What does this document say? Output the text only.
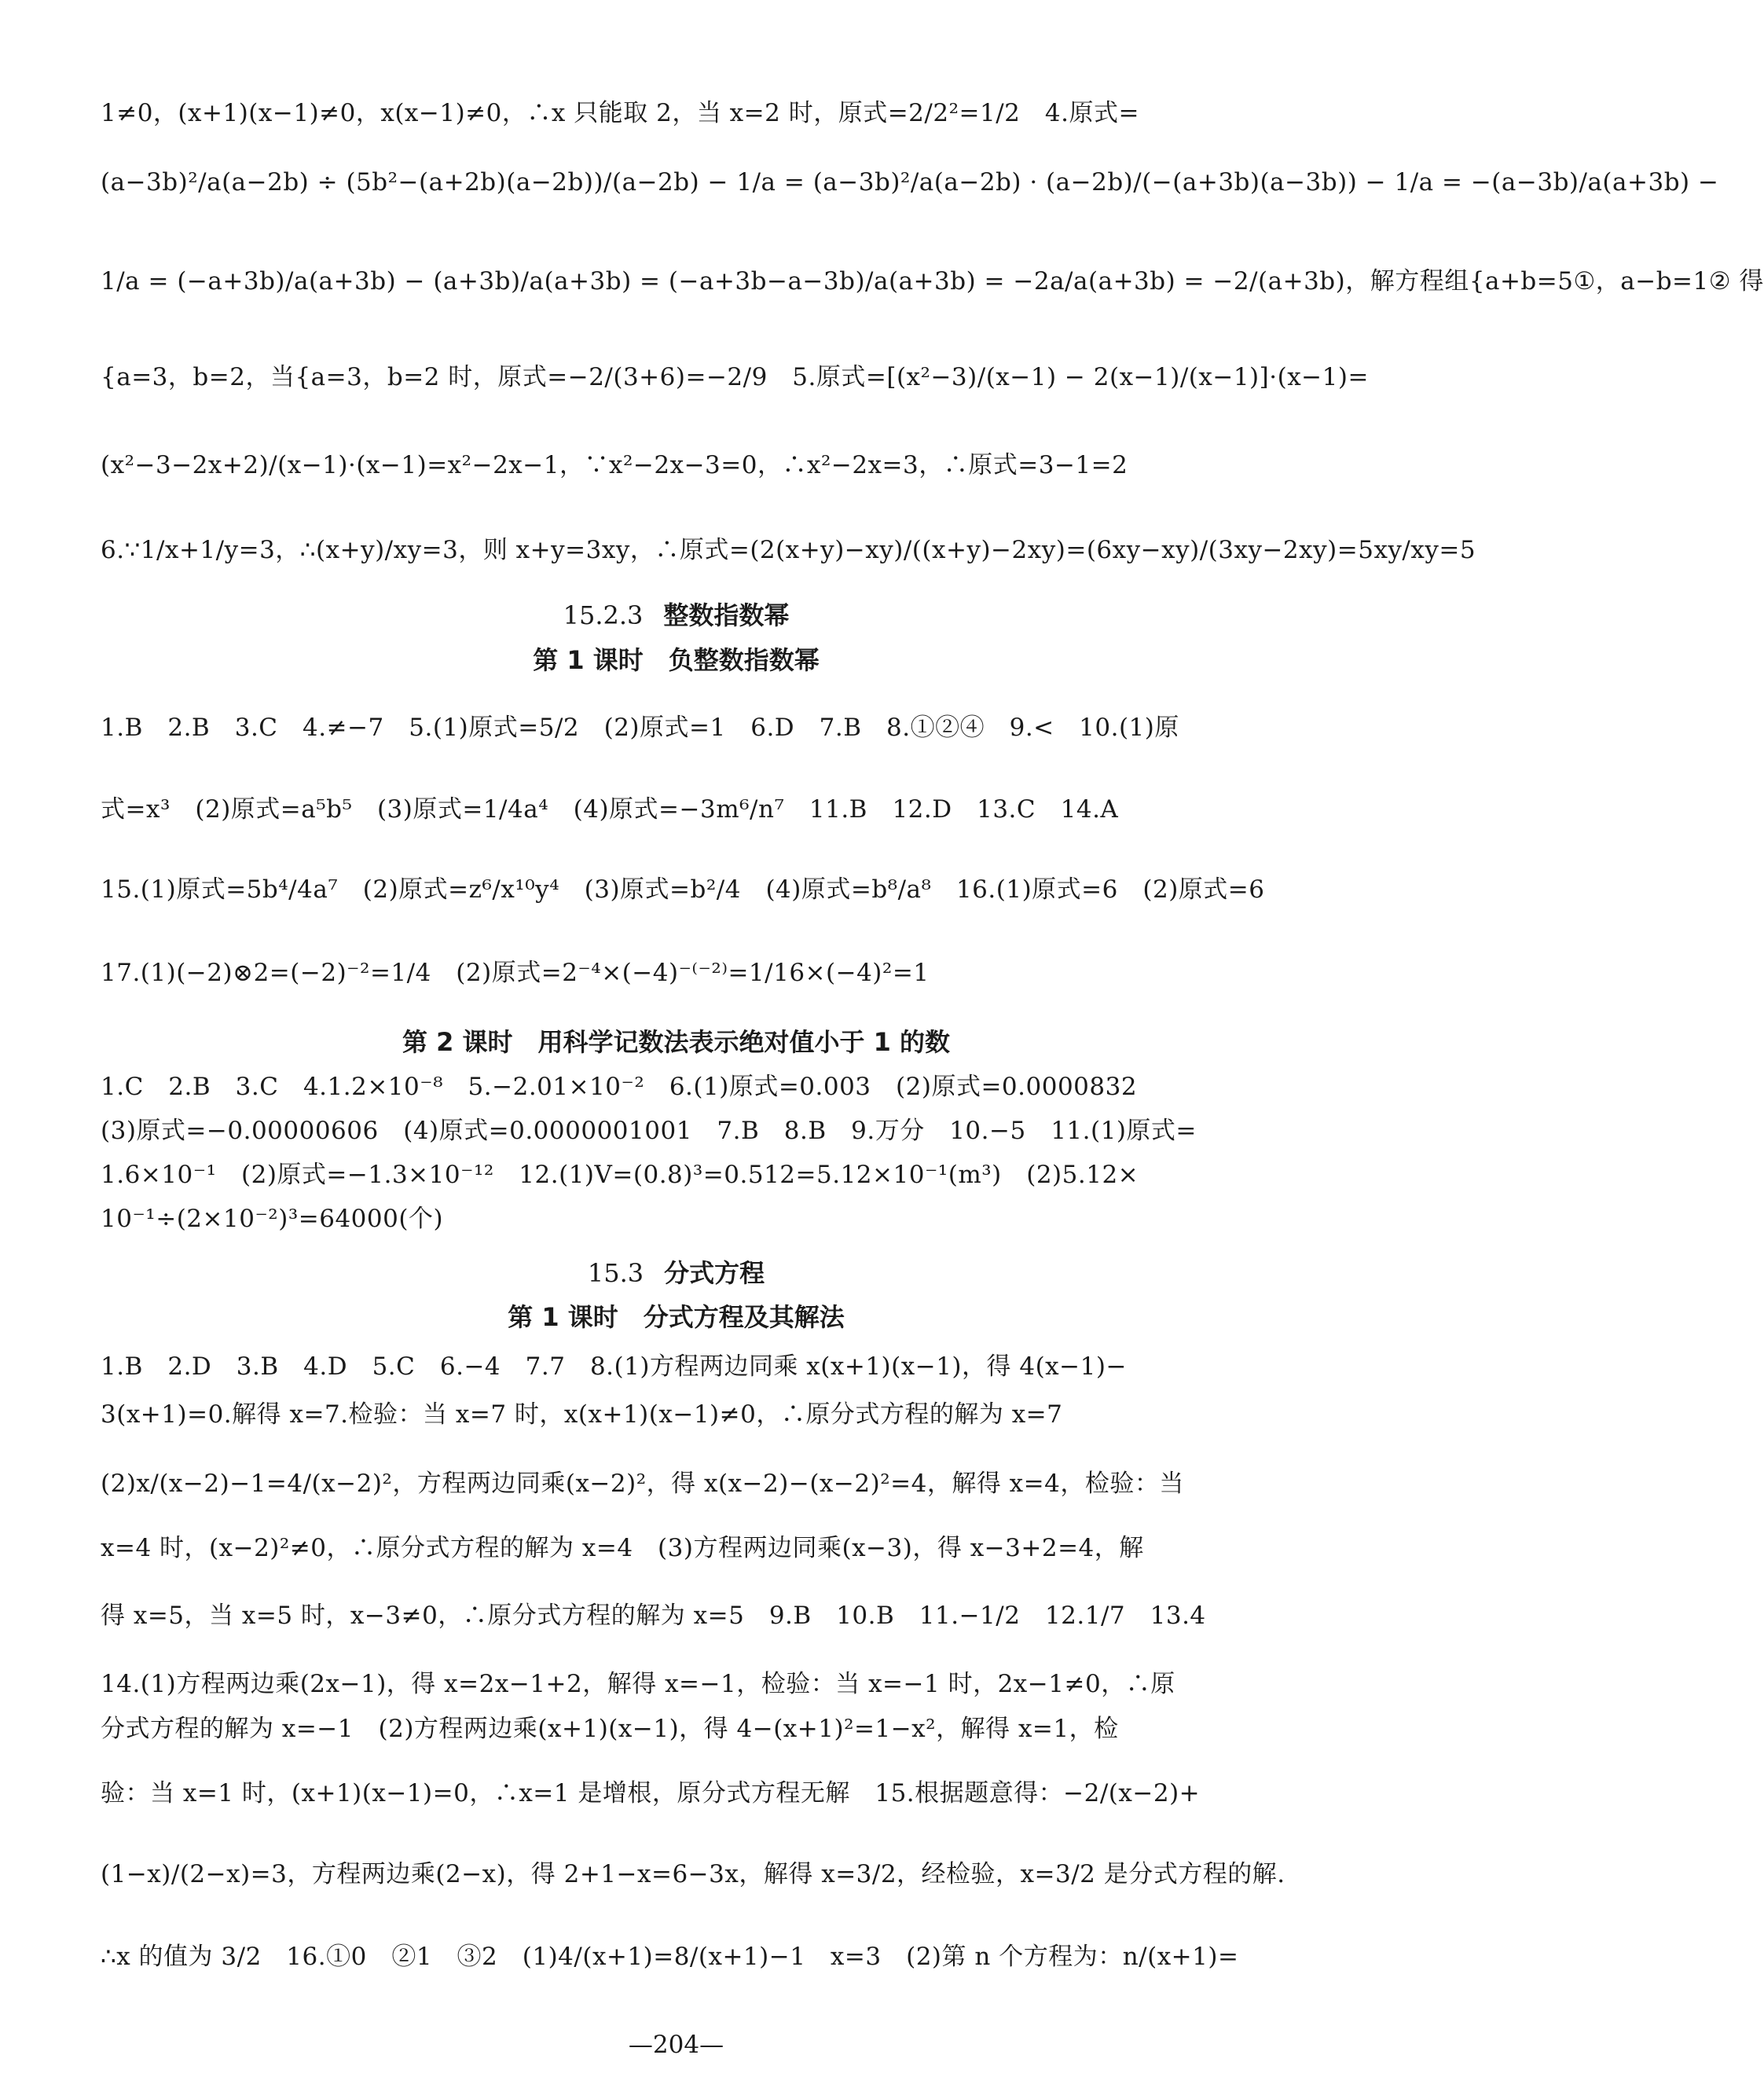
1≠0，(x+1)(x−1)≠0，x(x−1)≠0，∴x 只能取 2，当 x=2 时，原式=2/2²=1/2　4.原式=
(a−3b)²/a(a−2b) ÷ (5b²−(a+2b)(a−2b))/(a−2b) − 1/a = (a−3b)²/a(a−2b) · (a−2b)/(−(a+3b)(a−3b)) − 1/a = −(a−3b)/a(a+3b) −
1/a = (−a+3b)/a(a+3b) − (a+3b)/a(a+3b) = (−a+3b−a−3b)/a(a+3b) = −2a/a(a+3b) = −2/(a+3b)，解方程组{a+b=5①，a−b=1② 得
{a=3，b=2，当{a=3，b=2 时，原式=−2/(3+6)=−2/9　5.原式=[(x²−3)/(x−1) − 2(x−1)/(x−1)]·(x−1)=
(x²−3−2x+2)/(x−1)·(x−1)=x²−2x−1，∵x²−2x−3=0，∴x²−2x=3，∴原式=3−1=2
6.∵1/x+1/y=3，∴(x+y)/xy=3，则 x+y=3xy，∴原式=(2(x+y)−xy)/((x+y)−2xy)=(6xy−xy)/(3xy−2xy)=5xy/xy=5
15.2.3 整数指数幂
第 1 课时　负整数指数幂
1.B　2.B　3.C　4.≠−7　5.(1)原式=5/2　(2)原式=1　6.D　7.B　8.①②④　9.<　10.(1)原
式=x³　(2)原式=a⁵b⁵　(3)原式=1/4a⁴　(4)原式=−3m⁶/n⁷　11.B　12.D　13.C　14.A
15.(1)原式=5b⁴/4a⁷　(2)原式=z⁶/x¹⁰y⁴　(3)原式=b²/4　(4)原式=b⁸/a⁸　16.(1)原式=6　(2)原式=6
17.(1)(−2)⊗2=(−2)⁻²=1/4　(2)原式=2⁻⁴×(−4)⁻⁽⁻²⁾=1/16×(−4)²=1
第 2 课时　用科学记数法表示绝对值小于 1 的数
1.C　2.B　3.C　4.1.2×10⁻⁸　5.−2.01×10⁻²　6.(1)原式=0.003　(2)原式=0.0000832
(3)原式=−0.00000606　(4)原式=0.0000001001　7.B　8.B　9.万分　10.−5　11.(1)原式=
1.6×10⁻¹　(2)原式=−1.3×10⁻¹²　12.(1)V=(0.8)³=0.512=5.12×10⁻¹(m³)　(2)5.12×
10⁻¹÷(2×10⁻²)³=64000(个)
15.3 分式方程
第 1 课时　分式方程及其解法
1.B　2.D　3.B　4.D　5.C　6.−4　7.7　8.(1)方程两边同乘 x(x+1)(x−1)，得 4(x−1)−
3(x+1)=0.解得 x=7.检验：当 x=7 时，x(x+1)(x−1)≠0，∴原分式方程的解为 x=7
(2)x/(x−2)−1=4/(x−2)²，方程两边同乘(x−2)²，得 x(x−2)−(x−2)²=4，解得 x=4，检验：当
x=4 时，(x−2)²≠0，∴原分式方程的解为 x=4　(3)方程两边同乘(x−3)，得 x−3+2=4，解
得 x=5，当 x=5 时，x−3≠0，∴原分式方程的解为 x=5　9.B　10.B　11.−1/2　12.1/7　13.4
14.(1)方程两边乘(2x−1)，得 x=2x−1+2，解得 x=−1，检验：当 x=−1 时，2x−1≠0，∴原
分式方程的解为 x=−1　(2)方程两边乘(x+1)(x−1)，得 4−(x+1)²=1−x²，解得 x=1，检
验：当 x=1 时，(x+1)(x−1)=0，∴x=1 是增根，原分式方程无解　15.根据题意得：−2/(x−2)+
(1−x)/(2−x)=3，方程两边乘(2−x)，得 2+1−x=6−3x，解得 x=3/2，经检验，x=3/2 是分式方程的解.
∴x 的值为 3/2　16.①0　②1　③2　(1)4/(x+1)=8/(x+1)−1　x=3　(2)第 n 个方程为：n/(x+1)=
—204—
